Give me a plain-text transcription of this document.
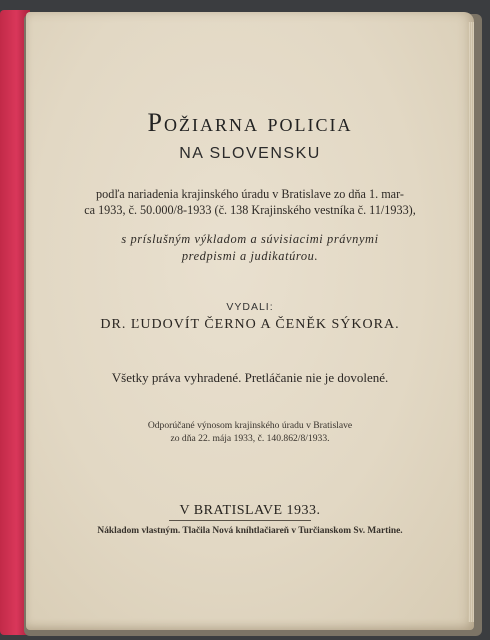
Požiarna policia
NA SLOVENSKU
podľa nariadenia krajinského úradu v Bratislave zo dňa 1. mar-
ca 1933, č. 50.000/8-1933 (č. 138 Krajinského vestníka č. 11/1933),
s príslušným výkladom a súvisiacimi právnymi
predpismi a judikatúrou.
VYDALI:
DR. ĽUDOVÍT ČERNO A ČENĚK SÝKORA.
Všetky práva vyhradené. Pretláčanie nie je dovolené.
Odporúčané výnosom krajinského úradu v Bratislave
zo dňa 22. mája 1933, č. 140.862/8/1933.
V BRATISLAVE 1933.
Nákladom vlastným. Tlačila Nová kníhtlačiareň v Turčianskom Sv. Martine.
